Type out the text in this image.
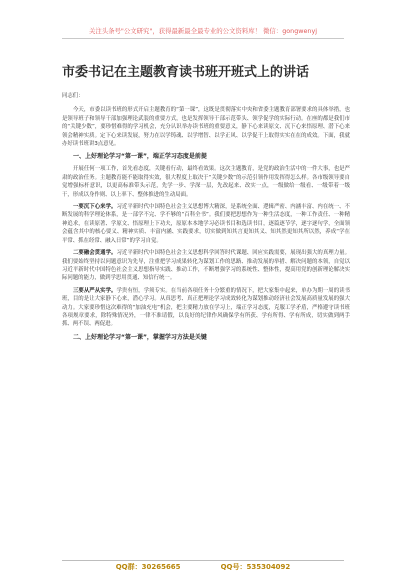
关注头条号"公文研究"，获得最新最全最专业的公文资料库！ 微信：gongwenyj
市委书记在主题教育读书班开班式上的讲话
同志们：

今天，市委以读书班的形式开启主题教育的“第一课”，这既是贯彻落实中央和省委主题教育部署要求的具体举措，也是领导班子和领导干部加强理论武装的重要方式，也是发挥领导干部示范带头、领学促学的实际行动。在座的都是我们市的“关键少数”，要珍惜难得的学习机会，充分认识举办读书班的重要意义，静下心来读原文、沉下心来悟原理、潜下心来领会精神实质。定下心来读发展，努力在以学铸魂、以学增智、以学正风、以学促干上取得实实在在的成效。下面，我就办好读书班讲3点意见。

一、上好理论学习“第一课”，端正学习态度是前提

开展任何一项工作，首先看态度，关键看行动，最终看效果。这次主题教育，是党的政治生活中的一件大事，也是严肃的政治任务。主题教育能不能取得实效，很大程度上取决于“关键少数”的示范引领作用发挥得怎么样。各市级领导要自觉增强标杆意识，以更高标准带头示范，先学一步、学深一层，先改起来、改实一点，一级做给一级看、一级带着一级干，形成以身作则、以上率下、整体推进的生动局面。

一要沉下心来学。习近平新时代中国特色社会主义思想博大精深，是系统全面、逻辑严密、内涵丰富、内在统一、不断发展的科学理论体系，是一部学不完、学不够的“百科全书”。我们要把思想作为一种生活态度，一种工作责任、一种精神追求，在读原著、学原文、悟原理上下功夫，原原本本地学习必读书目和选读书目，逐篇逐节学，逐字逐句学，全面领会蕴含其中的核心要义、精神实质、丰富内涵、实践要求，切实做到知其言更知其义、知其然更知其所以然，养成“学在平常、抓在经常、融入日常”的学习自觉。

二要融会贯通学。习近平新时代中国特色社会主义思想科学回答时代课题、回应实践需要，展现出强大的真理力量。我们要始终坚持以问题意识为先导，注重把学习成果转化为谋划工作的思路、推动发展的举措、解决问题的本领，自觉以习近平新时代中国特色社会主义思想指导实践、推动工作，不断增强学习的系统性、整体性，提高用党的创新理论解决实际问题的能力，做到学思用贯通、知信行统一。

三要从严从实学。学贵有恒，学须专实。在当前各项任务十分繁重的情况下，把大家集中起来，单办为期一周的读书班，目的是让大家静下心来，潜心学习。从真思考、真正把理论学习成效转化为谋划推动经济社会发展高质量发展的强大动力。大家要珍惜这次难得的“加油充电”机会，把主要精力放在学习上，端正学习态度，克服工学矛盾，严格遵守读书班各项规章要求，除特殊情况外，一律不准请假，以良好的纪律作风确保学有所获、学有所得、学有所成，切实做到两手抓、两不误、两促进。

二、上好理论学习“第一课”，掌握学习方法是关键
QQ群：30265665	QQ号：535304092
